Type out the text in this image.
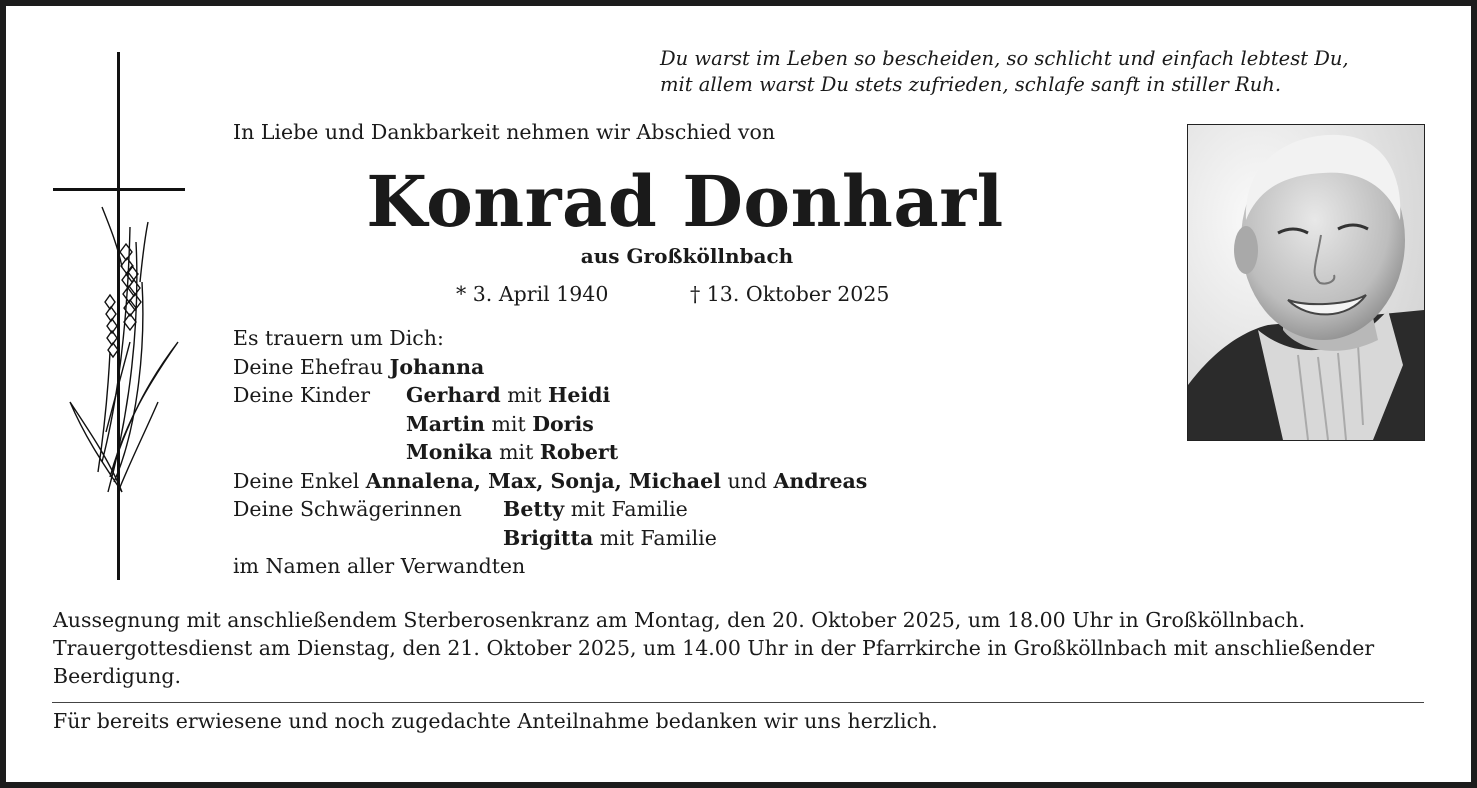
Du warst im Leben so bescheiden, so schlicht und einfach lebtest Du,
mit allem warst Du stets zufrieden, schlafe sanft in stiller Ruh.
In Liebe und Dankbarkeit nehmen wir Abschied von
Konrad Donharl
aus Großköllnbach
* 3. April 1940	† 13. Oktober 2025
Es trauern um Dich:
Deine Ehefrau Johanna
Deine Kinder Gerhard mit Heidi
Martin mit Doris
Monika mit Robert
Deine Enkel Annalena, Max, Sonja, Michael und Andreas
Deine Schwägerinnen Betty mit Familie
Brigitta mit Familie
im Namen aller Verwandten
Aussegnung mit anschließendem Sterberosenkranz am Montag, den 20. Oktober 2025, um 18.00 Uhr in Großköllnbach. Trauergottesdienst am Dienstag, den 21. Oktober 2025, um 14.00 Uhr in der Pfarrkirche in Großköllnbach mit anschließender Beerdigung.
Für bereits erwiesene und noch zugedachte Anteilnahme bedanken wir uns herzlich.
